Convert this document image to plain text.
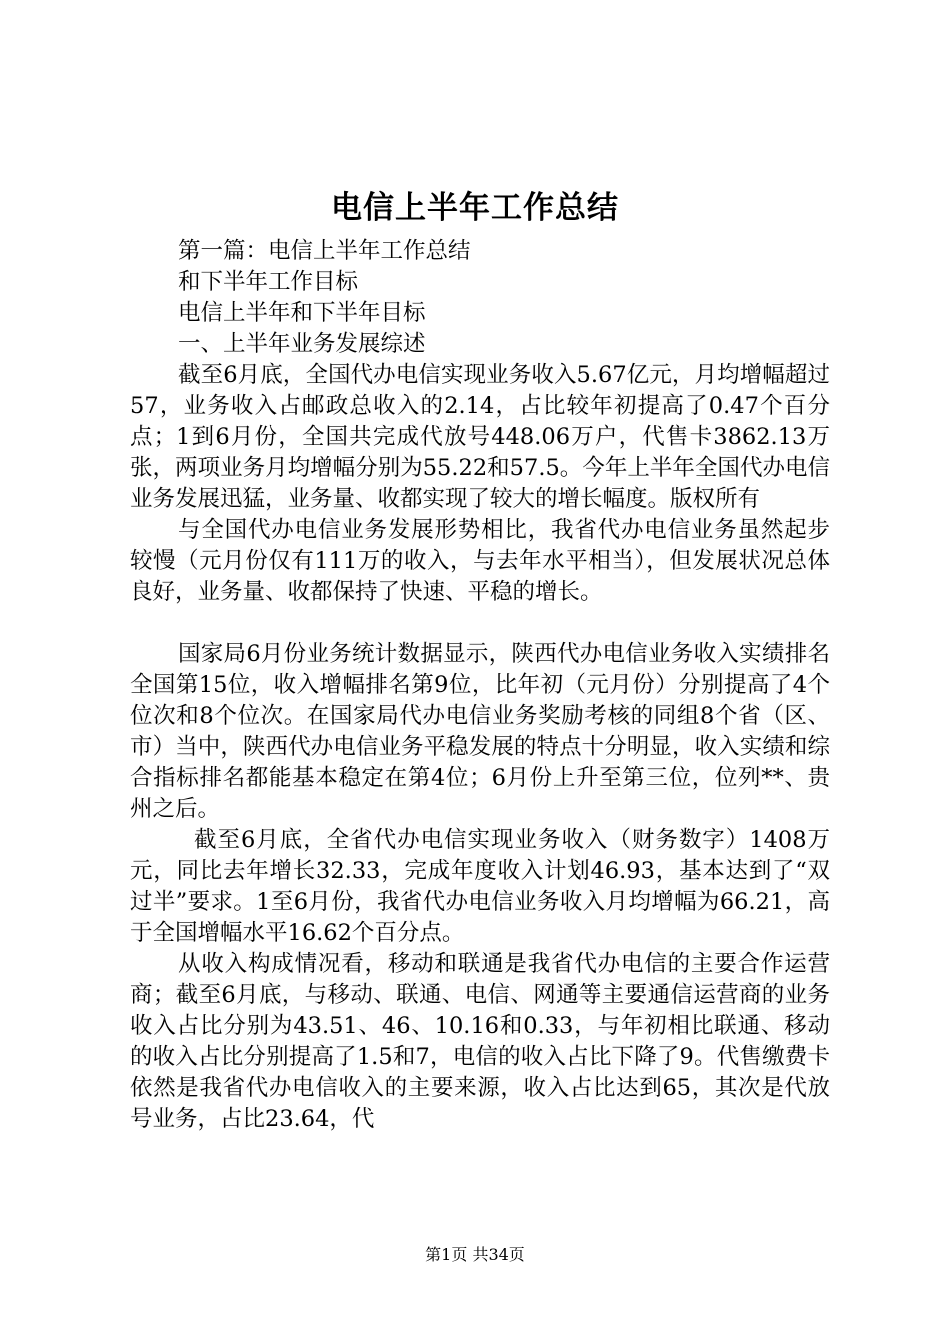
电信上半年工作总结

第一篇：电信上半年工作总结

和下半年工作目标

电信上半年和下半年目标

一、上半年业务发展综述

截至6月底，全国代办电信实现业务收入5.67亿元，月均增幅超过57，业务收入占邮政总收入的2.14，占比较年初提高了0.47个百分点；1到6月份，全国共完成代放号448.06万户，代售卡3862.13万张，两项业务月均增幅分别为55.22和57.5。今年上半年全国代办电信业务发展迅猛，业务量、收都实现了较大的增长幅度。版权所有

与全国代办电信业务发展形势相比，我省代办电信业务虽然起步较慢（元月份仅有111万的收入，与去年水平相当），但发展状况总体良好，业务量、收都保持了快速、平稳的增长。

国家局6月份业务统计数据显示，陕西代办电信业务收入实绩排名全国第15位，收入增幅排名第9位，比年初（元月份）分别提高了4个位次和8个位次。在国家局代办电信业务奖励考核的同组8个省（区、市）当中，陕西代办电信业务平稳发展的特点十分明显，收入实绩和综合指标排名都能基本稳定在第4位；6月份上升至第三位，位列**、贵州之后。

截至6月底，全省代办电信实现业务收入（财务数字）1408万元，同比去年增长32.33，完成年度收入计划46.93，基本达到了“双过半”要求。1至6月份，我省代办电信业务收入月均增幅为66.21，高于全国增幅水平16.62个百分点。

从收入构成情况看，移动和联通是我省代办电信的主要合作运营商；截至6月底，与移动、联通、电信、网通等主要通信运营商的业务收入占比分别为43.51、46、10.16和0.33，与年初相比联通、移动的收入占比分别提高了1.5和7，电信的收入占比下降了9。代售缴费卡依然是我省代办电信收入的主要来源，收入占比达到65，其次是代放号业务，占比23.64，代

第1页 共34页
